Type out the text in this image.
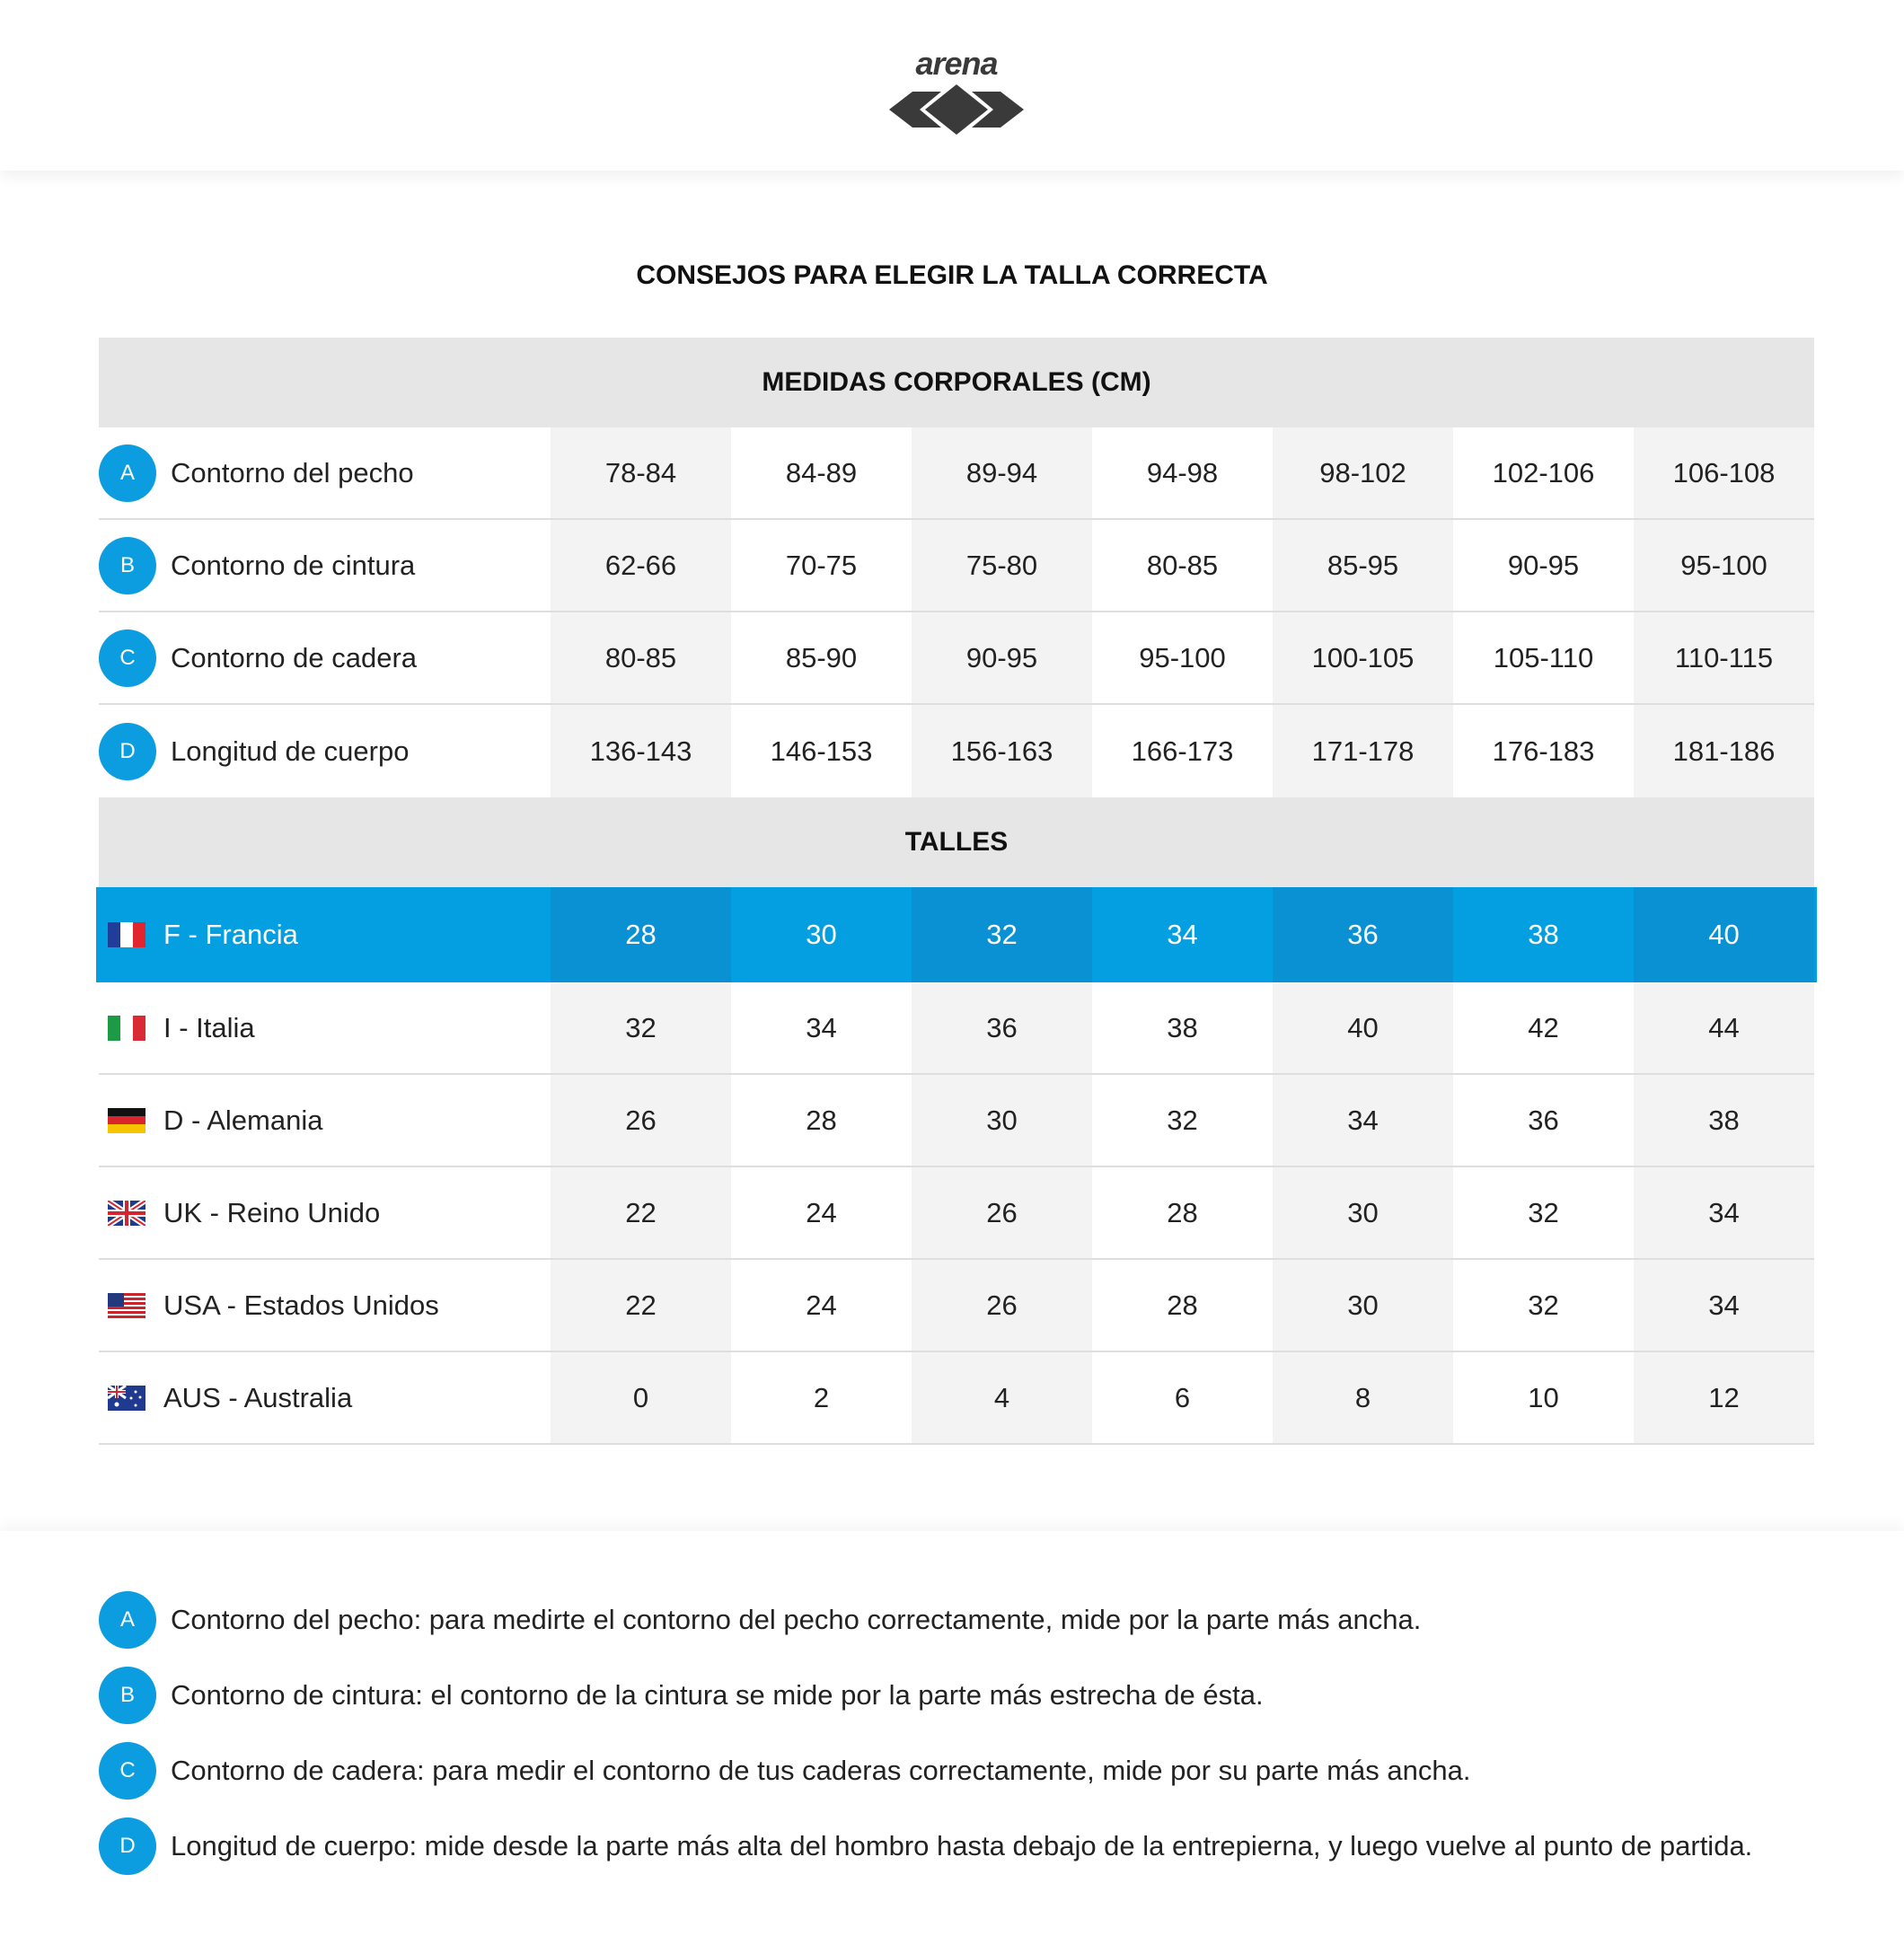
arena
CONSEJOS PARA ELEGIR LA TALLA CORRECTA
MEDIDAS CORPORALES (CM)
A	Contorno del pecho	78-84	84-89	89-94	94-98	98-102	102-106	106-108
B	Contorno de cintura	62-66	70-75	75-80	80-85	85-95	90-95	95-100
C	Contorno de cadera	80-85	85-90	90-95	95-100	100-105	105-110	110-115
D	Longitud de cuerpo	136-143	146-153	156-163	166-173	171-178	176-183	181-186
TALLES
F - Francia	28	30	32	34	36	38	40
I - Italia	32	34	36	38	40	42	44
D - Alemania	26	28	30	32	34	36	38
UK - Reino Unido	22	24	26	28	30	32	34
USA - Estados Unidos	22	24	26	28	30	32	34
AUS - Australia	0	2	4	6	8	10	12
A	Contorno del pecho: para medirte el contorno del pecho correctamente, mide por la parte más ancha.
B	Contorno de cintura: el contorno de la cintura se mide por la parte más estrecha de ésta.
C	Contorno de cadera: para medir el contorno de tus caderas correctamente, mide por su parte más ancha.
D	Longitud de cuerpo: mide desde la parte más alta del hombro hasta debajo de la entrepierna, y luego vuelve al punto de partida.
